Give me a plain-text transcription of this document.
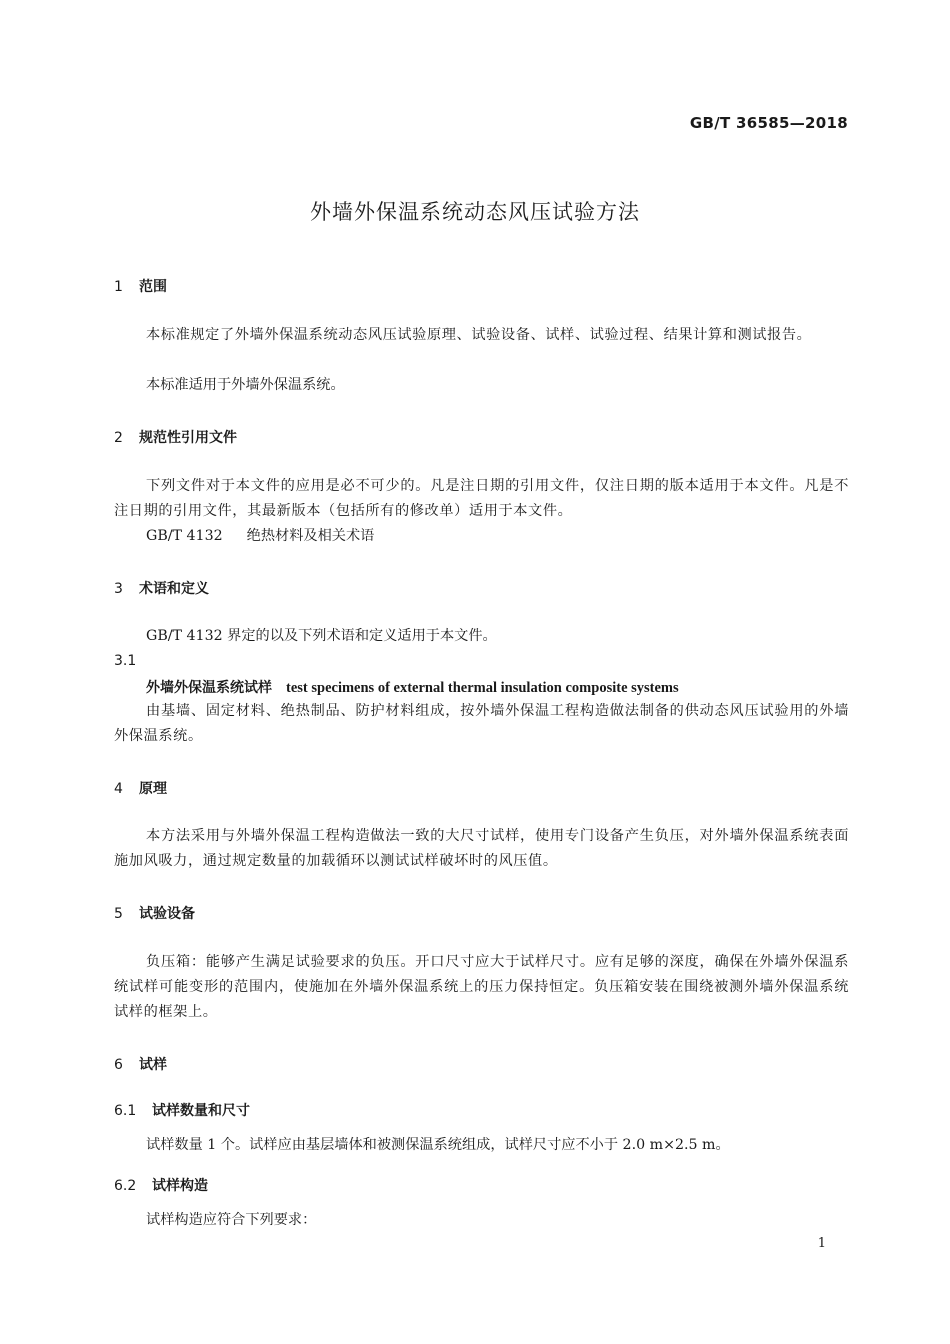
GB/T 36585—2018
外墙外保温系统动态风压试验方法
1 范围
本标准规定了外墙外保温系统动态风压试验原理、试验设备、试样、试验过程、结果计算和测试报告。
本标准适用于外墙外保温系统。
2 规范性引用文件
下列文件对于本文件的应用是必不可少的。凡是注日期的引用文件，仅注日期的版本适用于本文件。凡是不注日期的引用文件，其最新版本（包括所有的修改单）适用于本文件。
GB/T 4132 绝热材料及相关术语
3 术语和定义
GB/T 4132 界定的以及下列术语和定义适用于本文件。
3.1
外墙外保温系统试样 test specimens of external thermal insulation composite systems
由基墙、固定材料、绝热制品、防护材料组成，按外墙外保温工程构造做法制备的供动态风压试验用的外墙外保温系统。
4 原理
本方法采用与外墙外保温工程构造做法一致的大尺寸试样，使用专门设备产生负压，对外墙外保温系统表面施加风吸力，通过规定数量的加载循环以测试试样破坏时的风压值。
5 试验设备
负压箱：能够产生满足试验要求的负压。开口尺寸应大于试样尺寸。应有足够的深度，确保在外墙外保温系统试样可能变形的范围内，使施加在外墙外保温系统上的压力保持恒定。负压箱安装在围绕被测外墙外保温系统试样的框架上。
6 试样
6.1 试样数量和尺寸
试样数量 1 个。试样应由基层墙体和被测保温系统组成，试样尺寸应不小于 2.0 m×2.5 m。
6.2 试样构造
试样构造应符合下列要求：
1
